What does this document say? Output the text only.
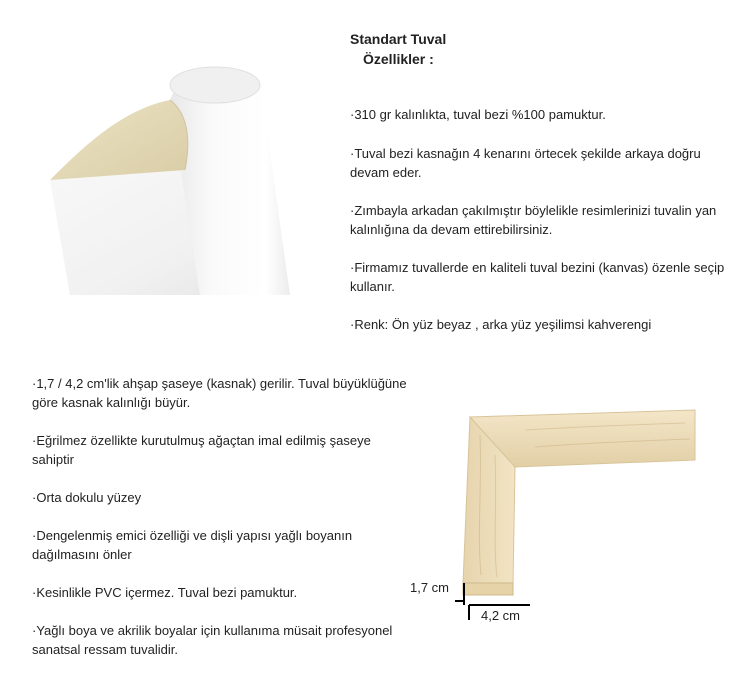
Standart Tuval
Özellikler :
·310 gr kalınlıkta, tuval bezi %100 pamuktur.
·Tuval bezi kasnağın 4 kenarını örtecek şekilde arkaya doğru devam eder.
·Zımbayla arkadan çakılmıştır böylelikle resimlerinizi tuvalin yan kalınlığına da devam ettirebilirsiniz.
·Firmamız tuvallerde en kaliteli tuval bezini (kanvas) özenle seçip kullanır.
·Renk: Ön yüz beyaz , arka yüz yeşilimsi kahverengi
·1,7 / 4,2 cm'lik ahşap şaseye (kasnak) gerilir. Tuval büyüklüğüne göre kasnak kalınlığı büyür.
·Eğrilmez özellikte kurutulmuş ağaçtan imal edilmiş şaseye sahiptir
·Orta dokulu yüzey
·Dengelenmiş emici özelliği ve dişli yapısı yağlı boyanın dağılmasını önler
·Kesinlikle PVC içermez. Tuval bezi pamuktur.
·Yağlı boya ve akrilik boyalar için kullanıma müsait profesyonel sanatsal ressam tuvalidir.
1,7 cm
4,2 cm
